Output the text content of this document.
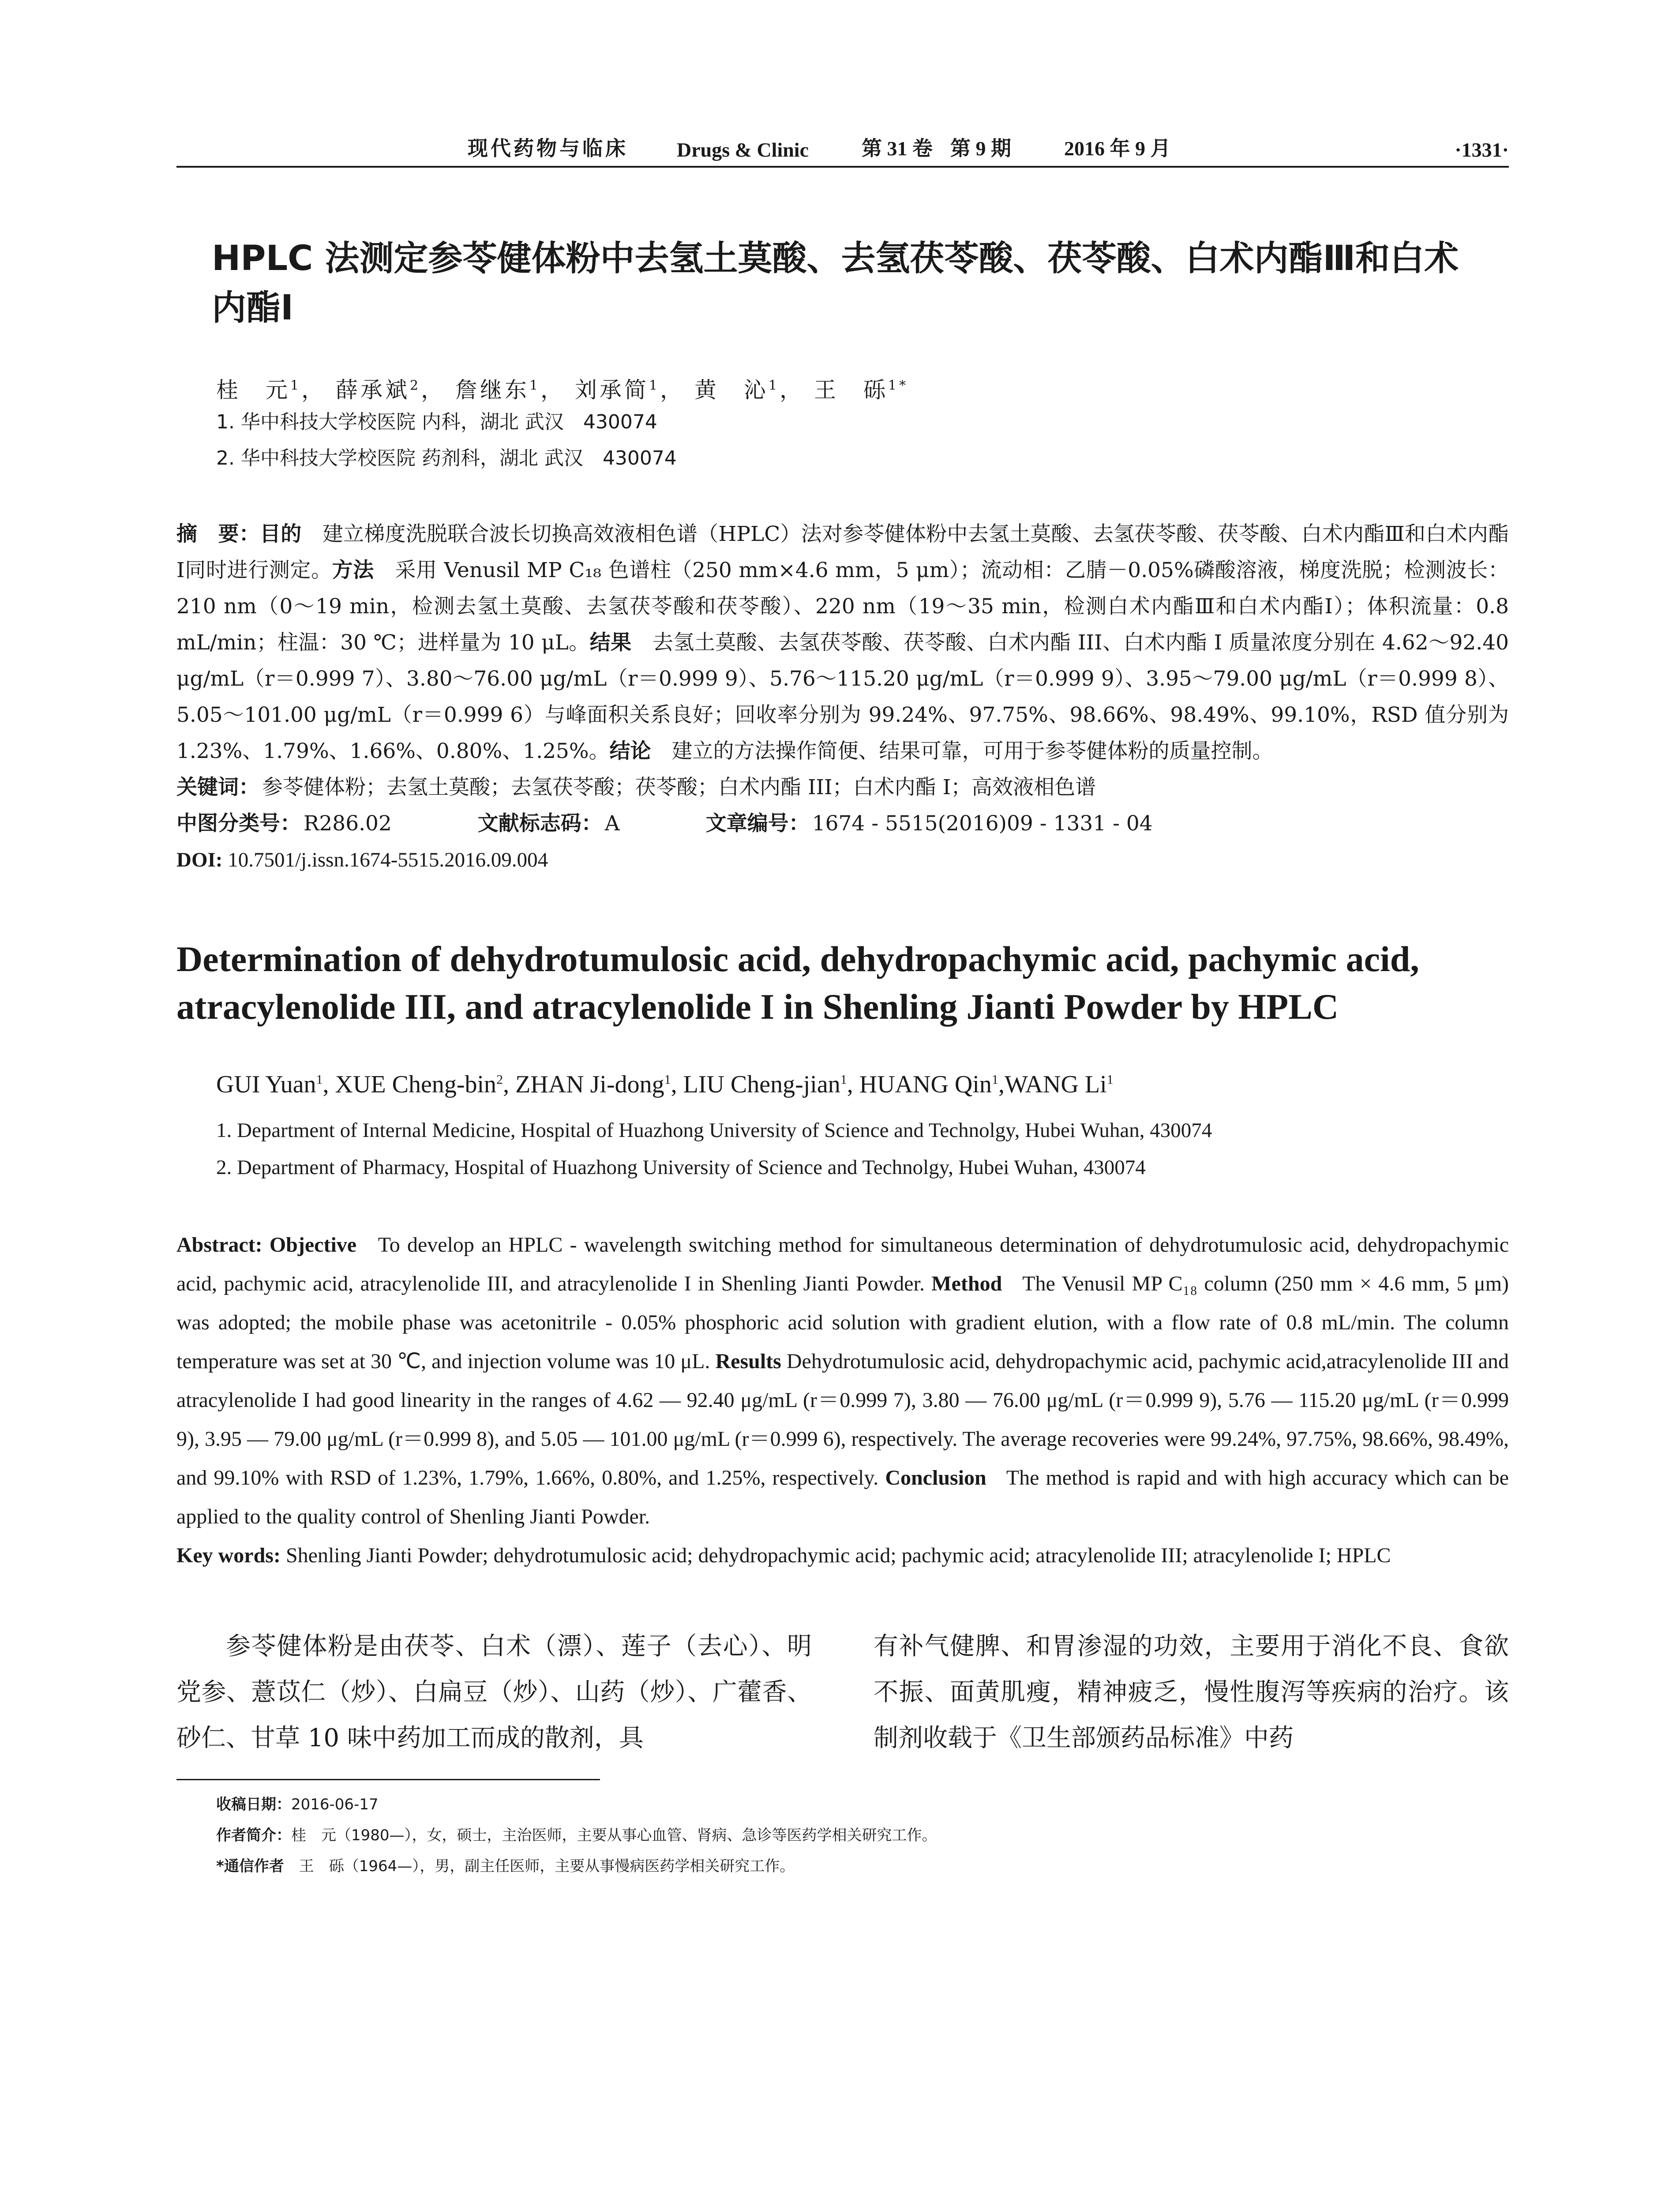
现代药物与临床 Drugs & Clinic	第 31 卷 第 9 期	2016 年 9 月	·1331·
HPLC 法测定参苓健体粉中去氢土莫酸、去氢茯苓酸、茯苓酸、白术内酯Ⅲ和白术内酯Ⅰ
桂　元$^1$， 薛承斌$^2$， 詹继东$^1$， 刘承简$^1$， 黄　沁$^1$， 王　砾$^{1*}$
1. 华中科技大学校医院 内科，湖北 武汉　430074
2. 华中科技大学校医院 药剂科，湖北 武汉　430074
摘　要：目的　 建立梯度洗脱联合波长切换高效液相色谱（HPLC）法对参苓健体粉中去氢土莫酸、去氢茯苓酸、茯苓酸、白术内酯Ⅲ和白术内酯Ⅰ同时进行测定。方法　 采用 Venusil MP C₁₈ 色谱柱（250 mm×4.6 mm，5 μm）；流动相：乙腈－0.05%磷酸溶液，梯度洗脱；检测波长：210 nm（0～19 min，检测去氢土莫酸、去氢茯苓酸和茯苓酸）、220 nm（19～35 min，检测白术内酯Ⅲ和白术内酯Ⅰ）；体积流量：0.8 mL/min；柱温：30 ℃；进样量为 10 μL。结果　 去氢土莫酸、去氢茯苓酸、茯苓酸、白术内酯 III、白术内酯 I 质量浓度分别在 4.62～92.40 μg/mL（r＝0.999 7）、3.80～76.00 μg/mL（r＝0.999 9）、5.76～115.20 μg/mL（r＝0.999 9）、3.95～79.00 μg/mL（r＝0.999 8）、5.05～101.00 μg/mL（r＝0.999 6）与峰面积关系良好；回收率分别为 99.24%、97.75%、98.66%、98.49%、99.10%，RSD 值分别为 1.23%、1.79%、1.66%、0.80%、1.25%。结论　 建立的方法操作简便、结果可靠，可用于参苓健体粉的质量控制。
关键词： 参苓健体粉；去氢土莫酸；去氢茯苓酸；茯苓酸；白术内酯 III；白术内酯 I；高效液相色谱
中图分类号： R286.02	文献标志码： A	文章编号： 1674 - 5515(2016)09 - 1331 - 04
DOI: 10.7501/j.issn.1674-5515.2016.09.004
Determination of dehydrotumulosic acid, dehydropachymic acid, pachymic acid, atracylenolide III, and atracylenolide I in Shenling Jianti Powder by HPLC
GUI Yuan$^1$, XUE Cheng-bin$^2$, ZHAN Ji-dong$^1$, LIU Cheng-jian$^1$, HUANG Qin$^1$,WANG Li$^1$
1. Department of Internal Medicine, Hospital of Huazhong University of Science and Technolgy, Hubei Wuhan, 430074
2. Department of Pharmacy, Hospital of Huazhong University of Science and Technolgy, Hubei Wuhan, 430074
Abstract: Objective To develop an HPLC - wavelength switching method for simultaneous determination of dehydrotumulosic acid, dehydropachymic acid, pachymic acid, atracylenolide III, and atracylenolide I in Shenling Jianti Powder. Method The Venusil MP C₁₈ column (250 mm × 4.6 mm, 5 μm) was adopted; the mobile phase was acetonitrile - 0.05% phosphoric acid solution with gradient elution, with a flow rate of 0.8 mL/min. The column temperature was set at 30 ℃, and injection volume was 10 μL. Results Dehydrotumulosic acid, dehydropachymic acid, pachymic acid,atracylenolide III and atracylenolide I had good linearity in the ranges of 4.62 — 92.40 μg/mL (r＝0.999 7), 3.80 — 76.00 μg/mL (r＝0.999 9), 5.76 — 115.20 μg/mL (r＝0.999 9), 3.95 — 79.00 μg/mL (r＝0.999 8), and 5.05 — 101.00 μg/mL (r＝0.999 6), respectively. The average recoveries were 99.24%, 97.75%, 98.66%, 98.49%, and 99.10% with RSD of 1.23%, 1.79%, 1.66%, 0.80%, and 1.25%, respectively. Conclusion The method is rapid and with high accuracy which can be applied to the quality control of Shenling Jianti Powder.
Key words: Shenling Jianti Powder; dehydrotumulosic acid; dehydropachymic acid; pachymic acid; atracylenolide III; atracylenolide I; HPLC
参苓健体粉是由茯苓、白术（漂）、莲子（去心）、明党参、薏苡仁（炒）、白扁豆（炒）、山药（炒）、广藿香、砂仁、甘草 10 味中药加工而成的散剂，具
有补气健脾、和胃渗湿的功效，主要用于消化不良、食欲不振、面黄肌瘦，精神疲乏，慢性腹泻等疾病的治疗。该制剂收载于《卫生部颁药品标准》中药
收稿日期：2016-06-17
作者简介：桂　元（1980—），女，硕士，主治医师，主要从事心血管、肾病、急诊等医药学相关研究工作。
*通信作者　 王　砾（1964—），男，副主任医师，主要从事慢病医药学相关研究工作。
